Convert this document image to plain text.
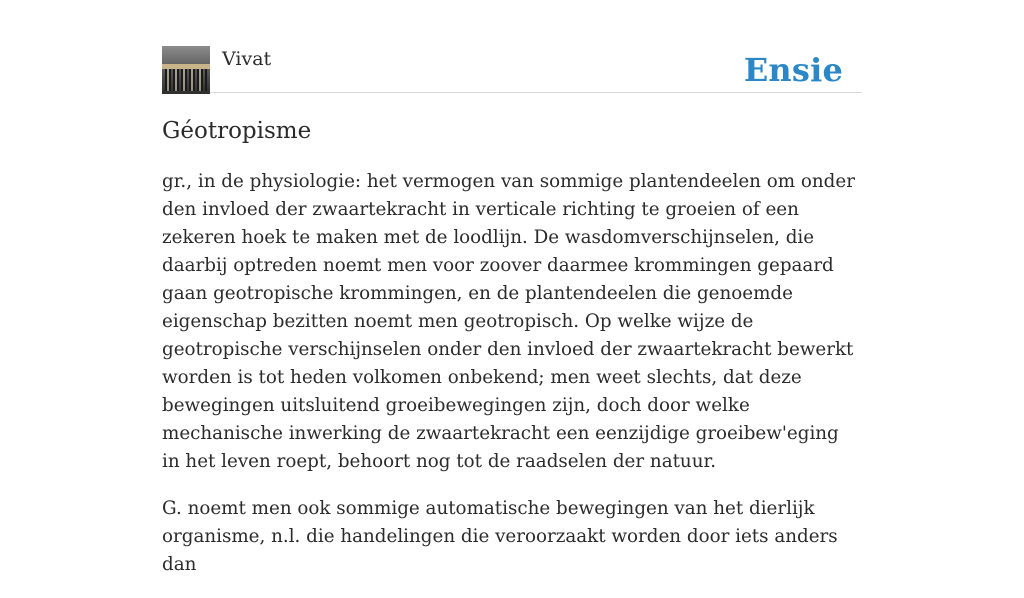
Vivat	Ensie
Géotropisme

gr., in de physiologie: het vermogen van sommige plantendeelen om onder den invloed der zwaartekracht in verticale richting te groeien of een zekeren hoek te maken met de loodlijn. De wasdomverschijnselen, die daarbij optreden noemt men voor zoover daarmee krommingen gepaard gaan geotropische krommingen, en de plantendeelen die genoemde eigenschap bezitten noemt men geotropisch. Op welke wijze de geotropische verschijnselen onder den invloed der zwaartekracht bewerkt worden is tot heden volkomen onbekend; men weet slechts, dat deze bewegingen uitsluitend groeibewegingen zijn, doch door welke mechanische inwerking de zwaartekracht een eenzijdige groeibew'eging in het leven roept, behoort nog tot de raadselen der natuur.

G. noemt men ook sommige automatische bewegingen van het dierlijk organisme, n.l. die handelingen die veroorzaakt worden door iets anders dan
